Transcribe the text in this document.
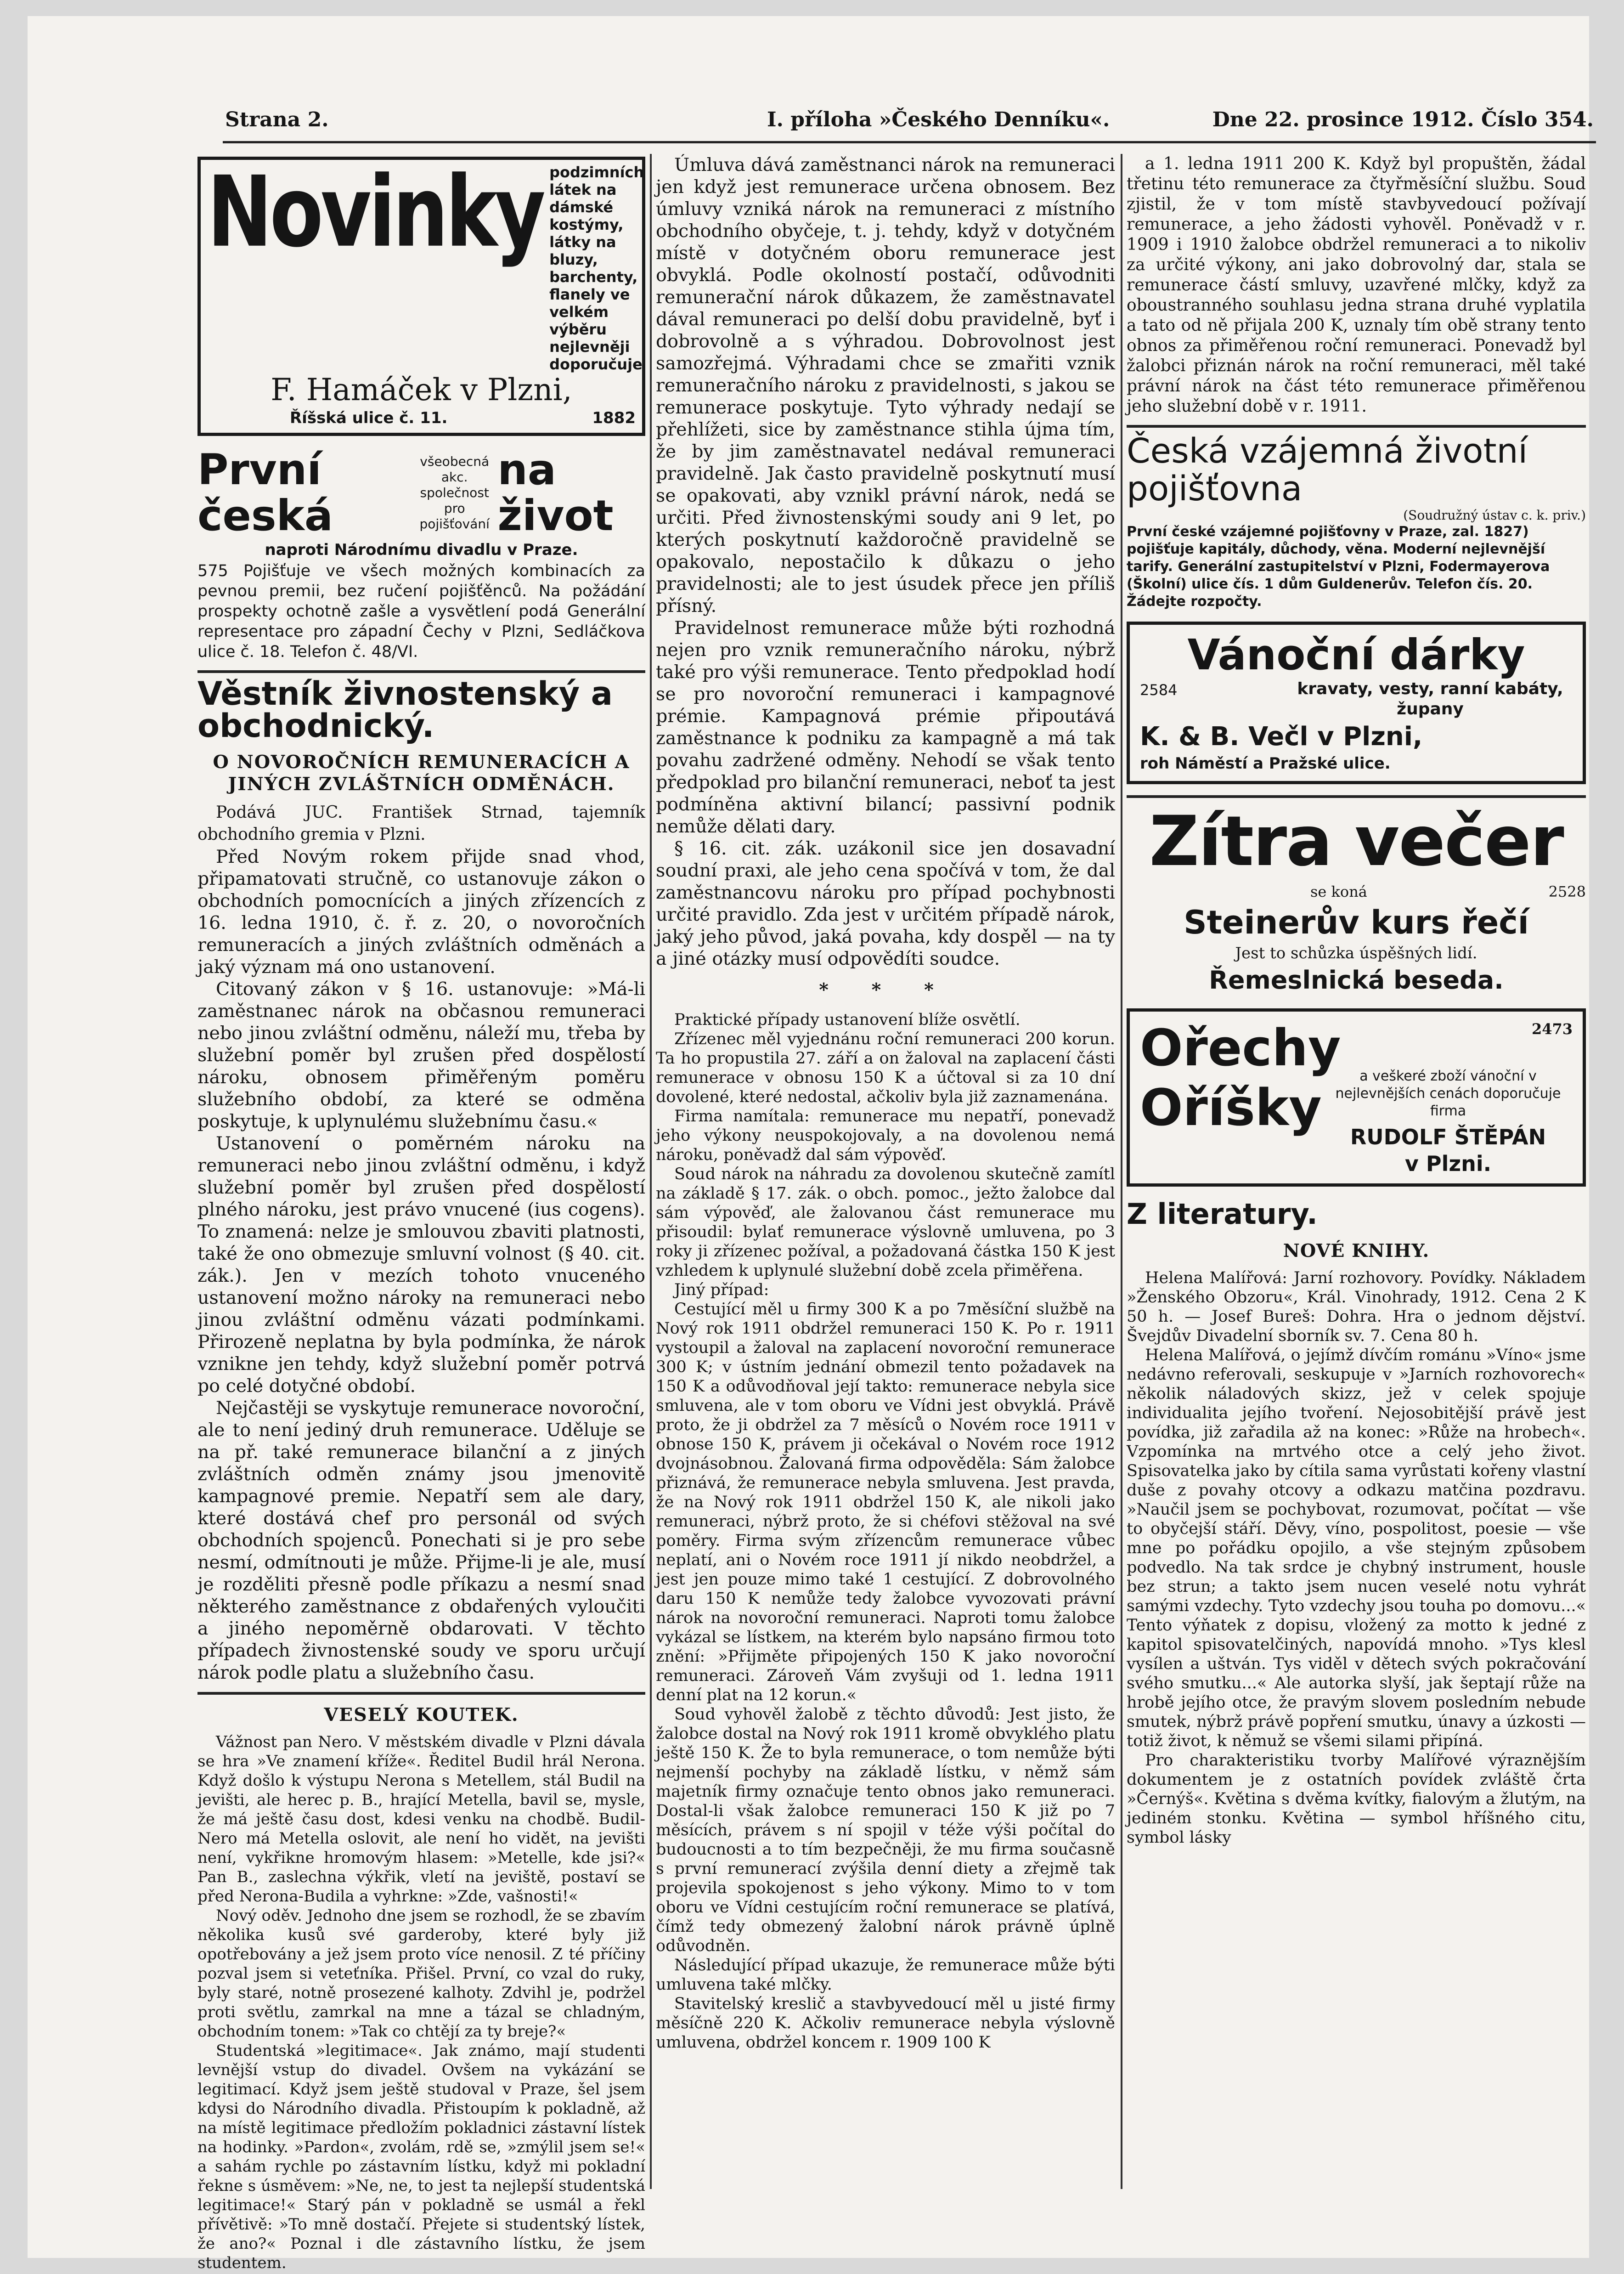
Strana 2.	I. příloha »Českého Denníku«.	Dne 22. prosince 1912. Číslo 354.
Novinky podzimních látek na dámské kostýmy, látky na bluzy, barchenty, flanely ve velkém výběru nejlevněji doporučuje
F. Hamáček v Plzni,
Říšská ulice č. 11.	1882
První česká
všeobecná akc. společnost pro pojišťování
na život
naproti Národnímu divadlu v Praze.

575 Pojišťuje ve všech možných kombinacích za pevnou premii, bez ručení pojišťěnců. Na požádání prospekty ochotně zašle a vysvětlení podá Generální representace pro západní Čechy v Plzni, Sedláčkova ulice č. 18. Telefon č. 48/VI.

Věstník živnostenský a obchodnický.
O NOVOROČNÍCH REMUNERACÍCH A JINÝCH ZVLÁŠTNÍCH ODMĚNÁCH.

Podává JUC. František Strnad, tajemník obchodního gremia v Plzni.

Před Novým rokem přijde snad vhod, připamatovati stručně, co ustanovuje zákon o obchodních pomocnících a jiných zřízencích z 16. ledna 1910, č. ř. z. 20, o novoročních remuneracích a jiných zvláštních odměnách a jaký význam má ono ustanovení.

Citovaný zákon v § 16. ustanovuje: »Má-li zaměstnanec nárok na občasnou remuneraci nebo jinou zvláštní odměnu, náleží mu, třeba by služební poměr byl zrušen před dospělostí nároku, obnosem přiměřeným poměru služebního období, za které se odměna poskytuje, k uplynulému služebnímu času.«

Ustanovení o poměrném nároku na remuneraci nebo jinou zvláštní odměnu, i když služební poměr byl zrušen před dospělostí plného nároku, jest právo vnucené (ius cogens). To znamená: nelze je smlouvou zbaviti platnosti, také že ono obmezuje smluvní volnost (§ 40. cit. zák.). Jen v mezích tohoto vnuceného ustanovení možno nároky na remuneraci nebo jinou zvláštní odměnu vázati podmínkami. Přirozeně neplatna by byla podmínka, že nárok vznikne jen tehdy, když služební poměr potrvá po celé dotyčné období.

Nejčastěji se vyskytuje remunerace novoroční, ale to není jediný druh remunerace. Uděluje se na př. také remunerace bilanční a z jiných zvláštních odměn známy jsou jmenovitě kampagnové premie. Nepatří sem ale dary, které dostává chef pro personál od svých obchodních spojenců. Ponechati si je pro sebe nesmí, odmítnouti je může. Přijme-li je ale, musí je rozděliti přesně podle příkazu a nesmí snad některého zaměstnance z obdařených vyloučiti a jiného nepoměrně obdarovati. V těchto případech živnostenské soudy ve sporu určují nárok podle platu a služebního času.

VESELÝ KOUTEK.

Vážnost pan Nero. V městském divadle v Plzni dávala se hra »Ve znamení kříže«. Ředitel Budil hrál Nerona. Když došlo k výstupu Nerona s Metellem, stál Budil na jevišti, ale herec p. B., hrající Metella, bavil se, mysle, že má ještě času dost, kdesi venku na chodbě. Budil-Nero má Metella oslovit, ale není ho vidět, na jevišti není, vykřikne hromovým hlasem: »Metelle, kde jsi?« Pan B., zaslechna výkřik, vletí na jeviště, postaví se před Nerona-Budila a vyhrkne: »Zde, vašnosti!«

Nový oděv. Jednoho dne jsem se rozhodl, že se zbavím několika kusů své garderoby, které byly již opotřebovány a jež jsem proto více nenosil. Z té příčiny pozval jsem si veteťníka. Přišel. První, co vzal do ruky, byly staré, notně prosezené kalhoty. Zdvihl je, podržel proti světlu, zamrkal na mne a tázal se chladným, obchodním tonem: »Tak co chtějí za ty breje?«

Studentská »legitimace«. Jak známo, mají studenti levnější vstup do divadel. Ovšem na vykázání se legitimací. Když jsem ještě studoval v Praze, šel jsem kdysi do Národního divadla. Přistoupím k pokladně, až na místě legitimace předložím pokladnici zástavní lístek na hodinky. »Pardon«, zvolám, rdě se, »zmýlil jsem se!« a sahám rychle po zástavním lístku, když mi pokladní řekne s úsměvem: »Ne, ne, to jest ta nejlepší studentská legitimace!« Starý pán v pokladně se usmál a řekl přívětivě: »To mně dostačí. Přejete si studentský lístek, že ano?« Poznal i dle zástavního lístku, že jsem studentem.

Úmluva dává zaměstnanci nárok na remuneraci jen když jest remunerace určena obnosem. Bez úmluvy vzniká nárok na remuneraci z místního obchodního obyčeje, t. j. tehdy, když v dotyčném místě v dotyčném oboru remunerace jest obvyklá. Podle okolností postačí, odůvodniti remunerační nárok důkazem, že zaměstnavatel dával remuneraci po delší dobu pravidelně, byť i dobrovolně a s výhradou. Dobrovolnost jest samozřejmá. Výhradami chce se zmařiti vznik remuneračního nároku z pravidelnosti, s jakou se remunerace poskytuje. Tyto výhrady nedají se přehlížeti, sice by zaměstnance stihla újma tím, že by jim zaměstnavatel nedával remuneraci pravidelně. Jak často pravidelně poskytnutí musí se opakovati, aby vznikl právní nárok, nedá se určiti. Před živnostenskými soudy ani 9 let, po kterých poskytnutí každoročně pravidelně se opakovalo, nepostačilo k důkazu o jeho pravidelnosti; ale to jest úsudek přece jen příliš přísný.

Pravidelnost remunerace může býti rozhodná nejen pro vznik remuneračního nároku, nýbrž také pro výši remunerace. Tento předpoklad hodí se pro novoroční remuneraci i kampagnové prémie. Kampagnová prémie připoutává zaměstnance k podniku za kampagně a má tak povahu zadržené odměny. Nehodí se však tento předpoklad pro bilanční remuneraci, neboť ta jest podmíněna aktivní bilancí; passivní podnik nemůže dělati dary.

§ 16. cit. zák. uzákonil sice jen dosavadní soudní praxi, ale jeho cena spočívá v tom, že dal zaměstnancovu nároku pro případ pochybnosti určité pravidlo. Zda jest v určitém případě nárok, jaký jeho původ, jaká povaha, kdy dospěl — na ty a jiné otázky musí odpovědíti soudce.

* * *

Praktické případy ustanovení blíže osvětlí.

Zřízenec měl vyjednánu roční remuneraci 200 korun. Ta ho propustila 27. září a on žaloval na zaplacení části remunerace v obnosu 150 K a účtoval si za 10 dní dovolené, které nedostal, ačkoliv byla již zaznamenána.

Firma namítala: remunerace mu nepatří, ponevadž jeho výkony neuspokojovaly, a na dovolenou nemá nároku, poněvadž dal sám výpověď.

Soud nárok na náhradu za dovolenou skutečně zamítl na základě § 17. zák. o obch. pomoc., ježto žalobce dal sám výpověď, ale žalovanou část remunerace mu přisoudil: bylať remunerace výslovně umluvena, po 3 roky ji zřízenec požíval, a požadovaná částka 150 K jest vzhledem k uplynulé služební době zcela přiměřena.

Jiný případ:

Cestující měl u firmy 300 K a po 7měsíční službě na Nový rok 1911 obdržel remuneraci 150 K. Po r. 1911 vystoupil a žaloval na zaplacení novoroční remunerace 300 K; v ústním jednání obmezil tento požadavek na 150 K a odůvodňoval její takto: remunerace nebyla sice smluvena, ale v tom oboru ve Vídni jest obvyklá. Právě proto, že ji obdržel za 7 měsíců o Novém roce 1911 v obnose 150 K, právem ji očekával o Novém roce 1912 dvojnásobnou. Žalovaná firma odpověděla: Sám žalobce přiznává, že remunerace nebyla smluvena. Jest pravda, že na Nový rok 1911 obdržel 150 K, ale nikoli jako remuneraci, nýbrž proto, že si chéfovi stěžoval na své poměry. Firma svým zřízencům remunerace vůbec neplatí, ani o Novém roce 1911 jí nikdo neobdržel, a jest jen pouze mimo také 1 cestující. Z dobrovolného daru 150 K nemůže tedy žalobce vyvozovati právní nárok na novoroční remuneraci. Naproti tomu žalobce vykázal se lístkem, na kterém bylo napsáno firmou toto znění: »Přijměte připojených 150 K jako novoroční remuneraci. Zároveň Vám zvyšuji od 1. ledna 1911 denní plat na 12 korun.«

Soud vyhověl žalobě z těchto důvodů: Jest jisto, že žalobce dostal na Nový rok 1911 kromě obvyklého platu ještě 150 K. Že to byla remunerace, o tom nemůže býti nejmenší pochyby na základě lístku, v němž sám majetník firmy označuje tento obnos jako remuneraci. Dostal-li však žalobce remuneraci 150 K již po 7 měsících, právem s ní spojil v téže výši počítal do budoucnosti a to tím bezpečněji, že mu firma současně s první remunerací zvýšila denní diety a zřejmě tak projevila spokojenost s jeho výkony. Mimo to v tom oboru ve Vídni cestujícím roční remunerace se platívá, čímž tedy obmezený žalobní nárok právně úplně odůvodněn.

Následující případ ukazuje, že remunerace může býti umluvena také mlčky.

Stavitelský kreslič a stavbyvedoucí měl u jisté firmy měsíčně 220 K. Ačkoliv remunerace nebyla výslovně umluvena, obdržel koncem r. 1909 100 K

a 1. ledna 1911 200 K. Když byl propuštěn, žádal třetinu této remunerace za čtyřměsíční službu. Soud zjistil, že v tom místě stavbyvedoucí požívají remunerace, a jeho žádosti vyhověl. Poněvadž v r. 1909 i 1910 žalobce obdržel remuneraci a to nikoliv za určité výkony, ani jako dobrovolný dar, stala se remunerace částí smluvy, uzavřené mlčky, když za oboustranného souhlasu jedna strana druhé vyplatila a tato od ně přijala 200 K, uznaly tím obě strany tento obnos za přiměřenou roční remuneraci. Ponevadž byl žalobci přiznán nárok na roční remuneraci, měl také právní nárok na část této remunerace přiměřenou jeho služební době v r. 1911.

Česká vzájemná životní pojišťovna
(Soudružný ústav c. k. priv.)
První české vzájemné pojišťovny v Praze, zal. 1827) pojišťuje kapitály, důchody, věna. Moderní nejlevnější tarify. Generální zastupitelství v Plzni, Fodermayerova (Školní) ulice čís. 1 dům Guldenerův. Telefon čís. 20. Žádejte rozpočty.
Vánoční dárky
2584	kravaty, vesty, ranní kabáty, župany
K. & B. Večl v Plzni,
roh Náměstí a Pražské ulice.
Zítra večer
se koná	2528
Steinerův kurs řečí
Jest to schůzka úspěšných lidí.
Řemeslnická beseda.
Ořechy
Oříšky
2473
a veškeré zboží vánoční v nejlevnějších cenách doporučuje firma
RUDOLF ŠTĚPÁN
v Plzni.
Z literatury.
NOVÉ KNIHY.

Helena Malířová: Jarní rozhovory. Povídky. Nákladem »Ženského Obzoru«, Král. Vinohrady, 1912. Cena 2 K 50 h. — Josef Bureš: Dohra. Hra o jednom dějství. Švejdův Divadelní sborník sv. 7. Cena 80 h.

Helena Malířová, o jejímž dívčím románu »Víno« jsme nedávno referovali, seskupuje v »Jarních rozhovorech« několik náladových skizz, jež v celek spojuje individualita jejího tvoření. Nejosobitější právě jest povídka, již zařadila až na konec: »Růže na hrobech«. Vzpomínka na mrtvého otce a celý jeho život. Spisovatelka jako by cítila sama vyrůstati kořeny vlastní duše z povahy otcovy a odkazu matčina pozdravu. »Naučil jsem se pochybovat, rozumovat, počítat — vše to obyčejší stáří. Děvy, víno, pospolitost, poesie — vše mne po pořádku opojilo, a vše stejným způsobem podvedlo. Na tak srdce je chybný instrument, housle bez strun; a takto jsem nucen veselé notu vyhrát samými vzdechy. Tyto vzdechy jsou touha po domovu...« Tento výňatek z dopisu, vložený za motto k jedné z kapitol spisovatelčiných, napovídá mnoho. »Tys klesl vysílen a uštván. Tys viděl v dětech svých pokračování svého smutku...« Ale autorka slyší, jak šeptají růže na hrobě jejího otce, že pravým slovem posledním nebude smutek, nýbrž právě popření smutku, únavy a úzkosti — totiž život, k němuž se všemi silami připíná.

Pro charakteristiku tvorby Malířové výraznějším dokumentem je z ostatních povídek zvláště črta »Černýš«. Květina s dvěma kvítky, fialovým a žlutým, na jediném stonku. Květina — symbol hříšného citu, symbol lásky
